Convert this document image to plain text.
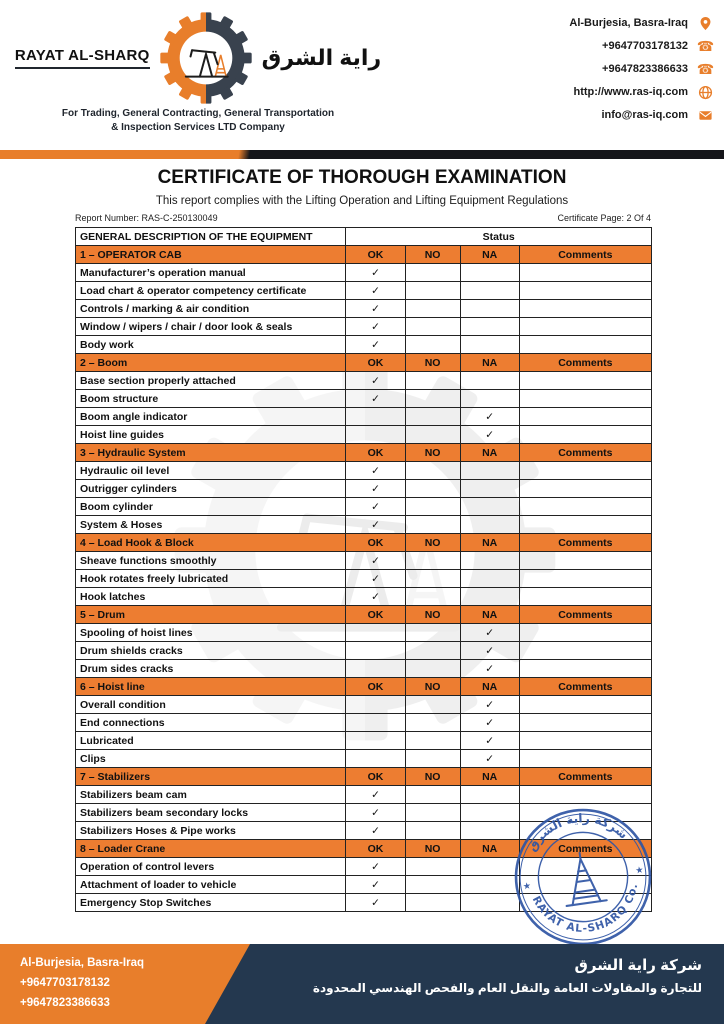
RAYAT AL-SHARQ	راية الشرق
For Trading, General Contracting, General Transportation
& Inspection Services LTD Company
Al-Burjesia, Basra-Iraq
+9647703178132 ☎
+9647823386633 ☎
http://www.ras-iq.com
info@ras-iq.com
CERTIFICATE OF THOROUGH EXAMINATION
This report complies with the Lifting Operation and Lifting Equipment Regulations
Report Number: RAS-C-250130049	Certificate Page: 2 Of 4
GENERAL DESCRIPTION OF THE EQUIPMENT	Status			
1 – OPERATOR CAB	OK	NO	NA	Comments
Manufacturer’s operation manual	✓			
Load chart & operator competency certificate	✓			
Controls / marking & air condition	✓			
Window / wipers / chair / door look & seals	✓			
Body work	✓			
2 – Boom	OK	NO	NA	Comments
Base section properly attached	✓			
Boom structure	✓			
Boom angle indicator			✓	
Hoist line guides			✓	
3 – Hydraulic System	OK	NO	NA	Comments
Hydraulic oil level	✓			
Outrigger cylinders	✓			
Boom cylinder	✓			
System & Hoses	✓			
4 – Load Hook & Block	OK	NO	NA	Comments
Sheave functions smoothly	✓			
Hook rotates freely lubricated	✓			
Hook latches	✓			
5 – Drum	OK	NO	NA	Comments
Spooling of hoist lines			✓	
Drum shields cracks			✓	
Drum sides cracks			✓	
6 – Hoist line	OK	NO	NA	Comments
Overall condition			✓	
End connections			✓	
Lubricated			✓	
Clips			✓	
7 – Stabilizers	OK	NO	NA	Comments
Stabilizers beam cam	✓			
Stabilizers beam secondary locks	✓			
Stabilizers Hoses & Pipe works	✓			
8 – Loader Crane	OK	NO	NA	Comments
Operation of control levers	✓			
Attachment of loader to vehicle	✓			
Emergency Stop Switches	✓			
شركة راية الشرق
RAYAT AL-SHARQ Co.
★
★
Al-Burjesia, Basra-Iraq
+9647703178132
+9647823386633
شركة راية الشرق
للتجارة والمقاولات العامة والنقل العام والفحص الهندسي المحدودة
